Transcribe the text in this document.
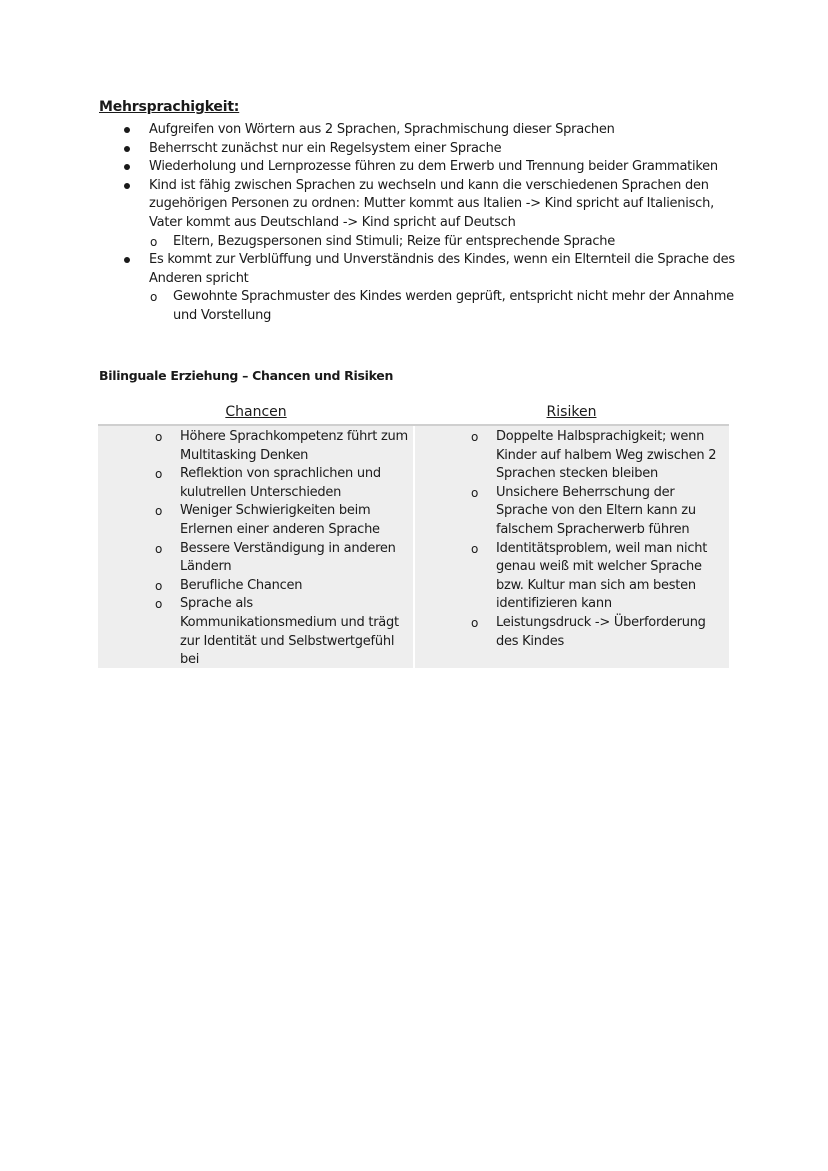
Mehrsprachigkeit:
Aufgreifen von Wörtern aus 2 Sprachen, Sprachmischung dieser Sprachen
Beherrscht zunächst nur ein Regelsystem einer Sprache
Wiederholung und Lernprozesse führen zu dem Erwerb und Trennung beider Grammatiken
Kind ist fähig zwischen Sprachen zu wechseln und kann die verschiedenen Sprachen den zugehörigen Personen zu ordnen: Mutter kommt aus Italien -> Kind spricht auf Italienisch, Vater kommt aus Deutschland -> Kind spricht auf Deutsch
o Eltern, Bezugspersonen sind Stimuli; Reize für entsprechende Sprache
Es kommt zur Verblüffung und Unverständnis des Kindes, wenn ein Elternteil die Sprache des Anderen spricht
o Gewohnte Sprachmuster des Kindes werden geprüft, entspricht nicht mehr der Annahme und Vorstellung
Bilinguale Erziehung – Chancen und Risiken
Chancen	Risiken
o Höhere Sprachkompetenz führt zum Multitasking Denken
o Reflektion von sprachlichen und kulutrellen Unterschieden
o Weniger Schwierigkeiten beim Erlernen einer anderen Sprache
o Bessere Verständigung in anderen Ländern
o Berufliche Chancen
o Sprache als Kommunikationsmedium und trägt zur Identität und Selbstwertgefühl bei
o Doppelte Halbsprachigkeit; wenn Kinder auf halbem Weg zwischen 2 Sprachen stecken bleiben
o Unsichere Beherrschung der Sprache von den Eltern kann zu falschem Spracherwerb führen
o Identitätsproblem, weil man nicht genau weiß mit welcher Sprache bzw. Kultur man sich am besten identifizieren kann
o Leistungsdruck -> Überforderung des Kindes
